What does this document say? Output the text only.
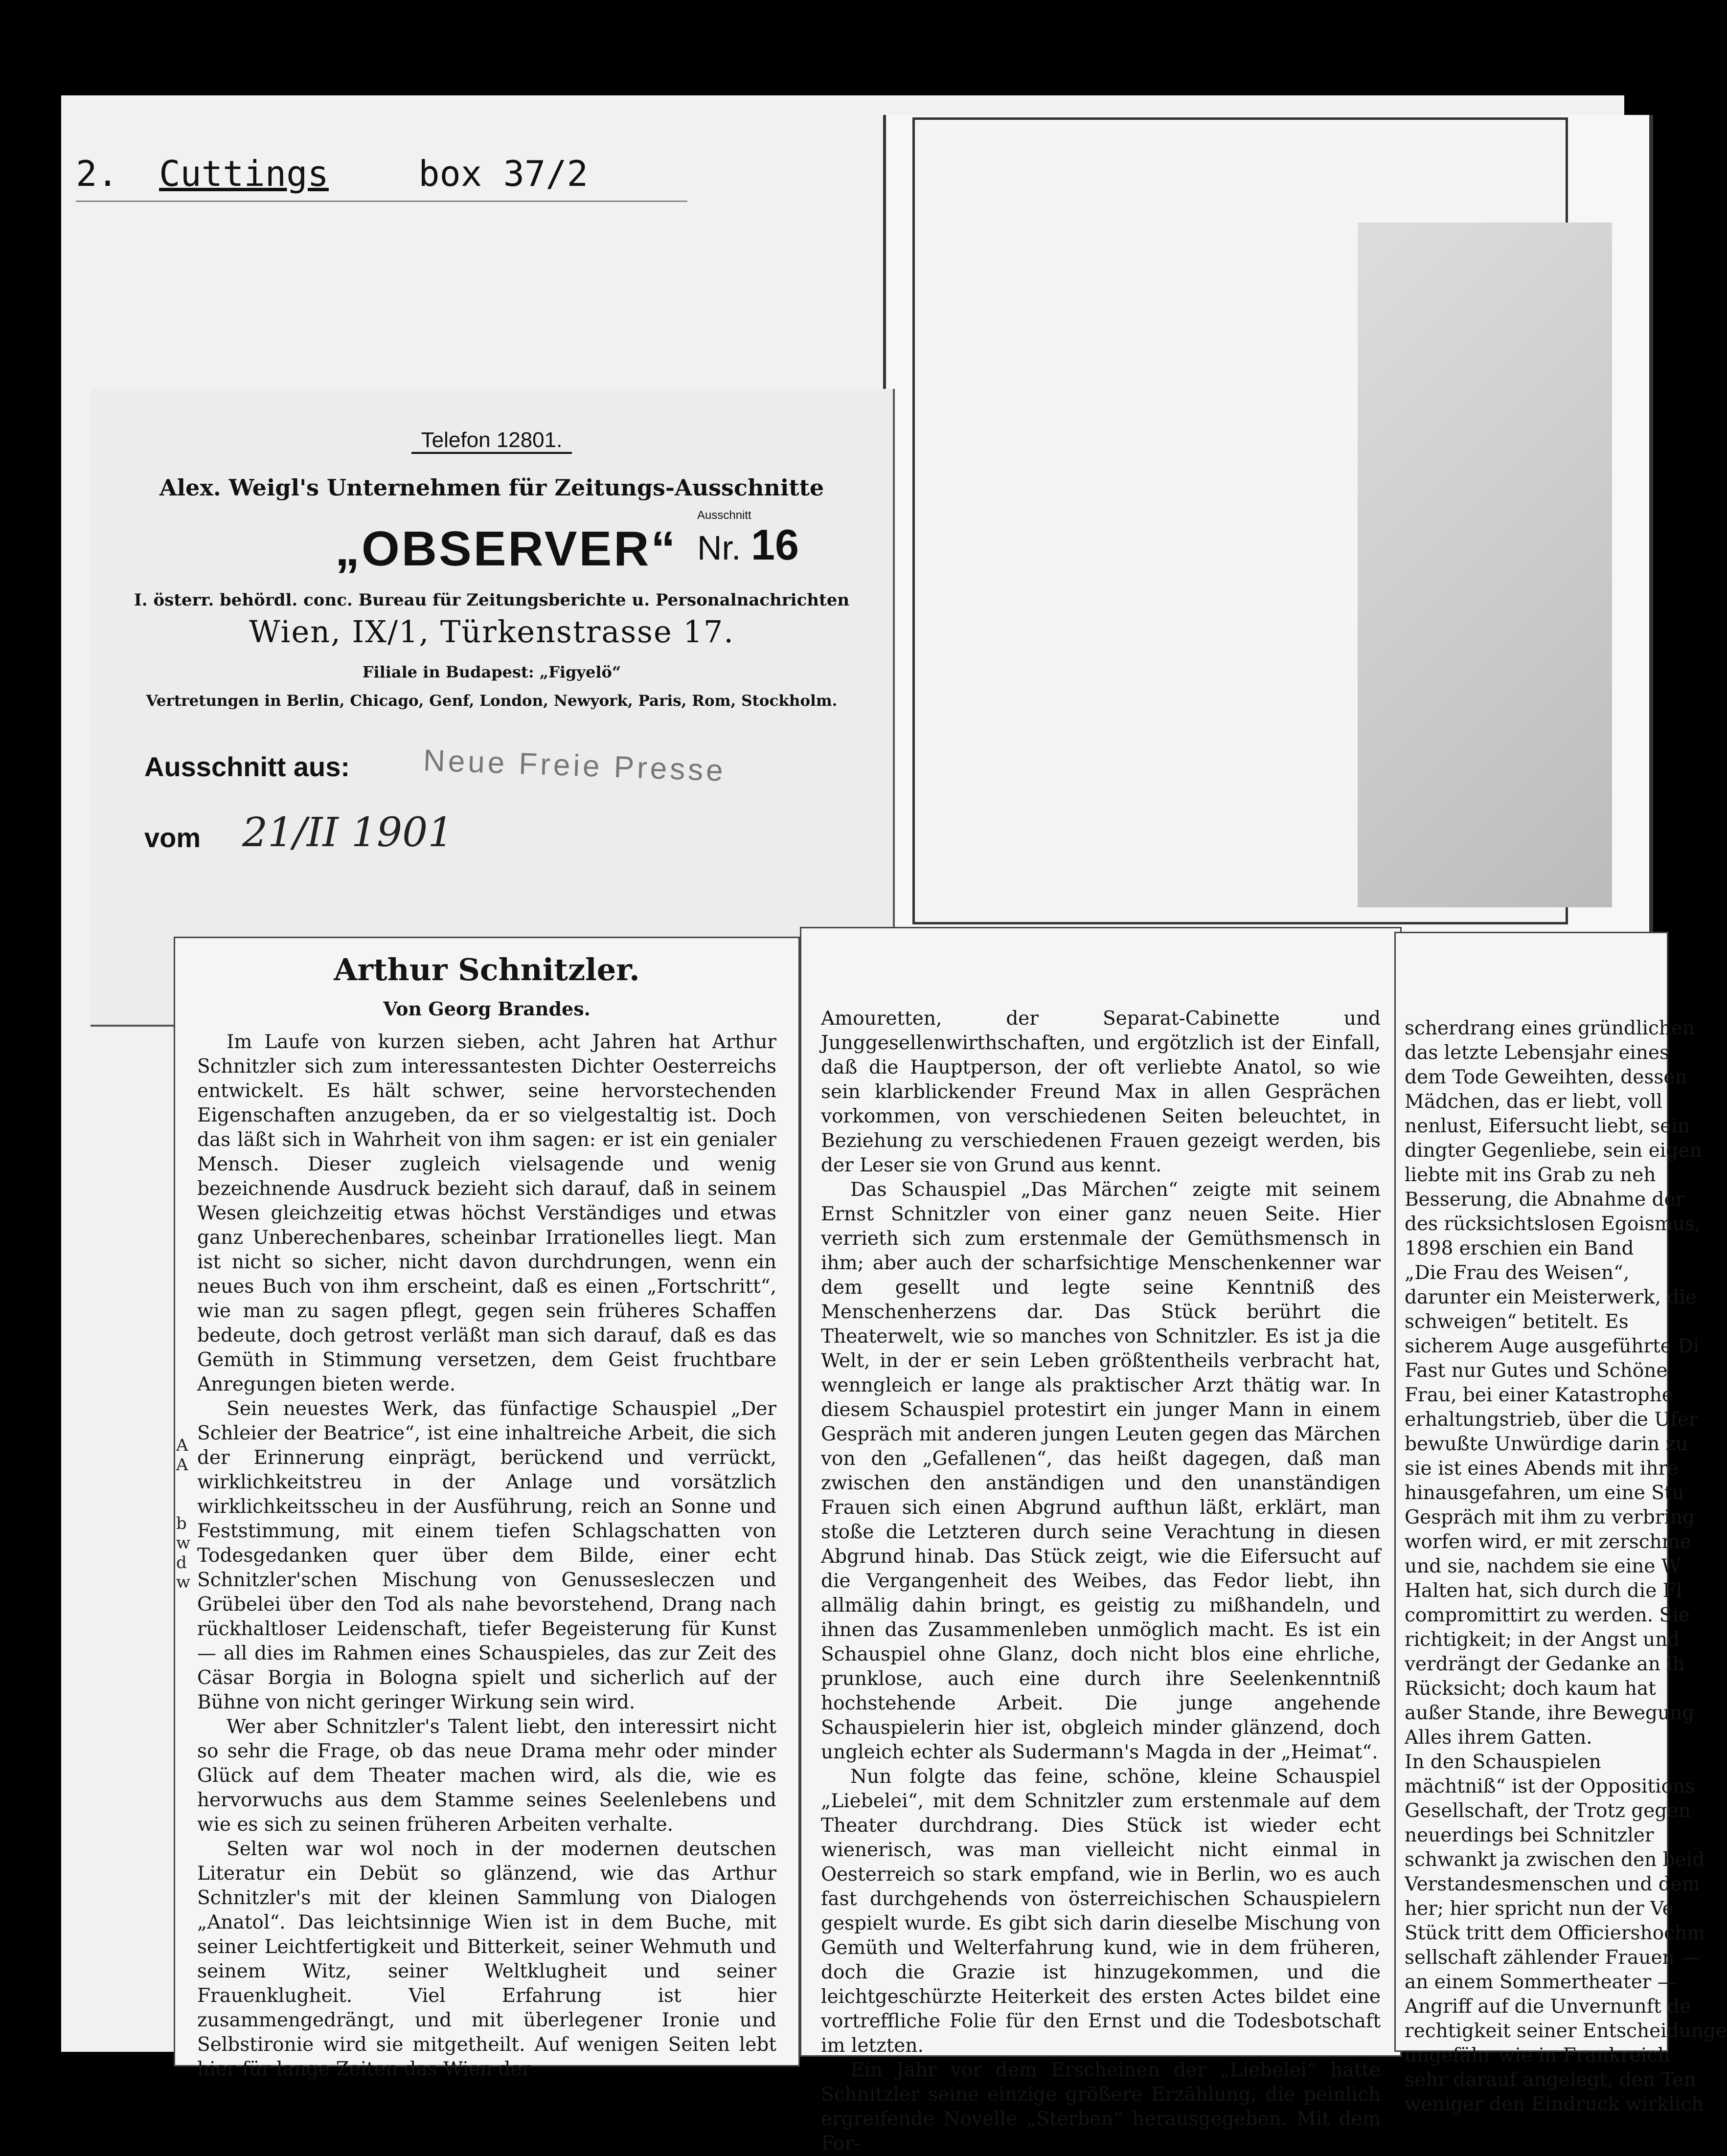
2. Cuttings	box 37/2
Telefon 12801.
Alex. Weigl's Unternehmen für Zeitungs-Ausschnitte
„OBSERVER“
Ausschnitt
Nr. 16
I. österr. behördl. conc. Bureau für Zeitungsberichte u. Personalnachrichten
Wien, IX/1, Türkenstrasse 17.
Filiale in Budapest: „Figyelö“
Vertretungen in Berlin, Chicago, Genf, London, Newyork, Paris, Rom, Stockholm.
Ausschnitt aus: Neue Freie Presse
vom 21/II 1901
Arthur Schnitzler.
Von Georg Brandes.

Im Laufe von kurzen sieben, acht Jahren hat Arthur Schnitzler sich zum interessantesten Dichter Oesterreichs entwickelt. Es hält schwer, seine hervorstechenden Eigenschaften anzugeben, da er so vielgestaltig ist. Doch das läßt sich in Wahrheit von ihm sagen: er ist ein genialer Mensch. Dieser zugleich vielsagende und wenig bezeichnende Ausdruck bezieht sich darauf, daß in seinem Wesen gleichzeitig etwas höchst Verständiges und etwas ganz Unberechenbares, scheinbar Irrationelles liegt. Man ist nicht so sicher, nicht davon durchdrungen, wenn ein neues Buch von ihm erscheint, daß es einen „Fortschritt“, wie man zu sagen pflegt, gegen sein früheres Schaffen bedeute, doch getrost verläßt man sich darauf, daß es das Gemüth in Stimmung versetzen, dem Geist fruchtbare Anregungen bieten werde.

Sein neuestes Werk, das fünfactige Schauspiel „Der Schleier der Beatrice“, ist eine inhaltreiche Arbeit, die sich der Erinnerung einprägt, berückend und verrückt, wirklichkeitstreu in der Anlage und vorsätzlich wirklichkeitsscheu in der Ausführung, reich an Sonne und Feststimmung, mit einem tiefen Schlagschatten von Todesgedanken quer über dem Bilde, einer echt Schnitzler'schen Mischung von Genussesleczen und Grübelei über den Tod als nahe bevorstehend, Drang nach rückhaltloser Leidenschaft, tiefer Begeisterung für Kunst — all dies im Rahmen eines Schauspieles, das zur Zeit des Cäsar Borgia in Bologna spielt und sicherlich auf der Bühne von nicht geringer Wirkung sein wird.

Wer aber Schnitzler's Talent liebt, den interessirt nicht so sehr die Frage, ob das neue Drama mehr oder minder Glück auf dem Theater machen wird, als die, wie es hervorwuchs aus dem Stamme seines Seelenlebens und wie es sich zu seinen früheren Arbeiten verhalte.

Selten war wol noch in der modernen deutschen Literatur ein Debüt so glänzend, wie das Arthur Schnitzler's mit der kleinen Sammlung von Dialogen „Anatol“. Das leichtsinnige Wien ist in dem Buche, mit seiner Leichtfertigkeit und Bitterkeit, seiner Wehmuth und seinem Witz, seiner Weltklugheit und seiner Frauenklugheit. Viel Erfahrung ist hier zusammengedrängt, und mit überlegener Ironie und Selbstironie wird sie mitgetheilt. Auf wenigen Seiten lebt hier für lange Zeiten das Wien der

Amouretten, der Separat-Cabinette und Junggesellenwirthschaften, und ergötzlich ist der Einfall, daß die Hauptperson, der oft verliebte Anatol, so wie sein klarblickender Freund Max in allen Gesprächen vorkommen, von verschiedenen Seiten beleuchtet, in Beziehung zu verschiedenen Frauen gezeigt werden, bis der Leser sie von Grund aus kennt.

Das Schauspiel „Das Märchen“ zeigte mit seinem Ernst Schnitzler von einer ganz neuen Seite. Hier verrieth sich zum erstenmale der Gemüthsmensch in ihm; aber auch der scharfsichtige Menschenkenner war dem gesellt und legte seine Kenntniß des Menschenherzens dar. Das Stück berührt die Theaterwelt, wie so manches von Schnitzler. Es ist ja die Welt, in der er sein Leben größtentheils verbracht hat, wenngleich er lange als praktischer Arzt thätig war. In diesem Schauspiel protestirt ein junger Mann in einem Gespräch mit anderen jungen Leuten gegen das Märchen von den „Gefallenen“, das heißt dagegen, daß man zwischen den anständigen und den unanständigen Frauen sich einen Abgrund aufthun läßt, erklärt, man stoße die Letzteren durch seine Verachtung in diesen Abgrund hinab. Das Stück zeigt, wie die Eifersucht auf die Vergangenheit des Weibes, das Fedor liebt, ihn allmälig dahin bringt, es geistig zu mißhandeln, und ihnen das Zusammenleben unmöglich macht. Es ist ein Schauspiel ohne Glanz, doch nicht blos eine ehrliche, prunklose, auch eine durch ihre Seelenkenntniß hochstehende Arbeit. Die junge angehende Schauspielerin hier ist, obgleich minder glänzend, doch ungleich echter als Sudermann's Magda in der „Heimat“.

Nun folgte das feine, schöne, kleine Schauspiel „Liebelei“, mit dem Schnitzler zum erstenmale auf dem Theater durchdrang. Dies Stück ist wieder echt wienerisch, was man vielleicht nicht einmal in Oesterreich so stark empfand, wie in Berlin, wo es auch fast durchgehends von österreichischen Schauspielern gespielt wurde. Es gibt sich darin dieselbe Mischung von Gemüth und Welterfahrung kund, wie in dem früheren, doch die Grazie ist hinzugekommen, und die leichtgeschürzte Heiterkeit des ersten Actes bildet eine vortreffliche Folie für den Ernst und die Todesbotschaft im letzten.

Ein Jahr vor dem Erscheinen der „Liebelei“ hatte Schnitzler seine einzige größere Erzählung, die peinlich ergreifende Novelle „Sterben“ herausgegeben. Mit dem For-

scherdrang eines gründlichen

das letzte Lebensjahr eines

dem Tode Geweihten, dessen

Mädchen, das er liebt, voll

nenlust, Eifersucht liebt, sein

dingter Gegenliebe, sein eigen

liebte mit ins Grab zu neh

Besserung, die Abnahme der

des rücksichtslosen Egoismus,

1898 erschien ein Band

„Die Frau des Weisen“,

darunter ein Meisterwerk, die

schweigen“ betitelt. Es

sicherem Auge ausgeführte Di

Fast nur Gutes und Schöne

Frau, bei einer Katastrophe

erhaltungstrieb, über die Ufer

bewußte Unwürdige darin zu

sie ist eines Abends mit ihre

hinausgefahren, um eine Stu

Gespräch mit ihm zu verbring

worfen wird, er mit zerschme

und sie, nachdem sie eine W

Halten hat, sich durch die Fl

compromittirt zu werden. Sie

richtigkeit; in der Angst und

verdrängt der Gedanke an ih

Rücksicht; doch kaum hat

außer Stande, ihre Bewegung

Alles ihrem Gatten.

In den Schauspielen

mächtniß“ ist der Oppositions

Gesellschaft, der Trotz gegen

neuerdings bei Schnitzler

schwankt ja zwischen den beid

Verstandesmenschen und dem

her; hier spricht nun der Ve

Stück tritt dem Officiershochm

sellschaft zählender Frauen —

an einem Sommertheater —

Angriff auf die Unvernunft de

rechtigkeit seiner Entscheidunge

ungefähr wie in Frankreich

sehr darauf angelegt, den Ten

weniger den Eindruck wirklich

A
A
b
w
d
w
